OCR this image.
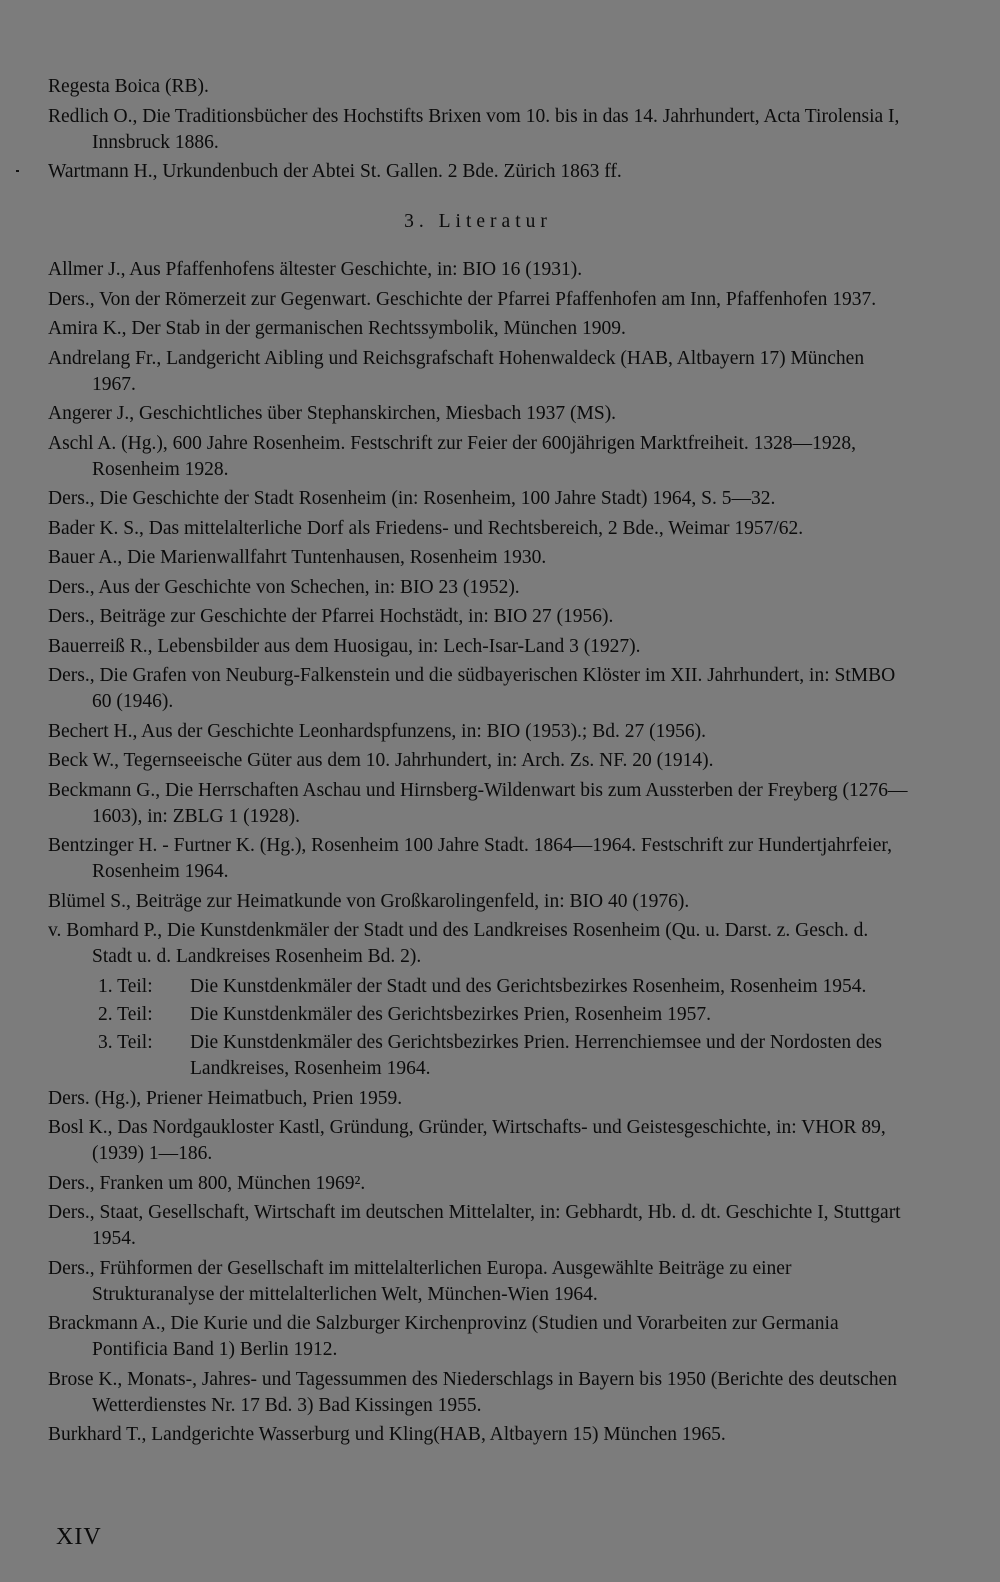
Regesta Boica (RB).

Redlich O., Die Traditionsbücher des Hochstifts Brixen vom 10. bis in das 14. Jahrhundert, Acta Tirolensia I, Innsbruck 1886.

Wartmann H., Urkundenbuch der Abtei St. Gallen. 2 Bde. Zürich 1863 ff.

3. Literatur

Allmer J., Aus Pfaffenhofens ältester Geschichte, in: BIO 16 (1931).

Ders., Von der Römerzeit zur Gegenwart. Geschichte der Pfarrei Pfaffenhofen am Inn, Pfaffenhofen 1937.

Amira K., Der Stab in der germanischen Rechtssymbolik, München 1909.

Andrelang Fr., Landgericht Aibling und Reichsgrafschaft Hohenwaldeck (HAB, Altbayern 17) München 1967.

Angerer J., Geschichtliches über Stephanskirchen, Miesbach 1937 (MS).

Aschl A. (Hg.), 600 Jahre Rosenheim. Festschrift zur Feier der 600jährigen Marktfreiheit. 1328—1928, Rosenheim 1928.

Ders., Die Geschichte der Stadt Rosenheim (in: Rosenheim, 100 Jahre Stadt) 1964, S. 5—32.

Bader K. S., Das mittelalterliche Dorf als Friedens- und Rechtsbereich, 2 Bde., Weimar 1957/62.

Bauer A., Die Marienwallfahrt Tuntenhausen, Rosenheim 1930.

Ders., Aus der Geschichte von Schechen, in: BIO 23 (1952).

Ders., Beiträge zur Geschichte der Pfarrei Hochstädt, in: BIO 27 (1956).

Bauerreiß R., Lebensbilder aus dem Huosigau, in: Lech-Isar-Land 3 (1927).

Ders., Die Grafen von Neuburg-Falkenstein und die südbayerischen Klöster im XII. Jahrhundert, in: StMBO 60 (1946).

Bechert H., Aus der Geschichte Leonhardspfunzens, in: BIO (1953).; Bd. 27 (1956).

Beck W., Tegernseeische Güter aus dem 10. Jahrhundert, in: Arch. Zs. NF. 20 (1914).

Beckmann G., Die Herrschaften Aschau und Hirnsberg-Wildenwart bis zum Aussterben der Freyberg (1276—1603), in: ZBLG 1 (1928).

Bentzinger H. - Furtner K. (Hg.), Rosenheim 100 Jahre Stadt. 1864—1964. Festschrift zur Hundertjahrfeier, Rosenheim 1964.

Blümel S., Beiträge zur Heimatkunde von Großkarolingenfeld, in: BIO 40 (1976).

v. Bomhard P., Die Kunstdenkmäler der Stadt und des Landkreises Rosenheim (Qu. u. Darst. z. Gesch. d. Stadt u. d. Landkreises Rosenheim Bd. 2).

1. Teil:	Die Kunstdenkmäler der Stadt und des Gerichtsbezirkes Rosenheim, Rosenheim 1954.
2. Teil:	Die Kunstdenkmäler des Gerichtsbezirkes Prien, Rosenheim 1957.
3. Teil:	Die Kunstdenkmäler des Gerichtsbezirkes Prien. Herrenchiemsee und der Nordosten des Landkreises, Rosenheim 1964.

Ders. (Hg.), Priener Heimatbuch, Prien 1959.

Bosl K., Das Nordgaukloster Kastl, Gründung, Gründer, Wirtschafts- und Geistesgeschichte, in: VHOR 89, (1939) 1—186.

Ders., Franken um 800, München 1969².

Ders., Staat, Gesellschaft, Wirtschaft im deutschen Mittelalter, in: Gebhardt, Hb. d. dt. Geschichte I, Stuttgart 1954.

Ders., Frühformen der Gesellschaft im mittelalterlichen Europa. Ausgewählte Beiträge zu einer Strukturanalyse der mittelalterlichen Welt, München-Wien 1964.

Brackmann A., Die Kurie und die Salzburger Kirchenprovinz (Studien und Vorarbeiten zur Germania Pontificia Band 1) Berlin 1912.

Brose K., Monats-, Jahres- und Tagessummen des Niederschlags in Bayern bis 1950 (Berichte des deutschen Wetterdienstes Nr. 17 Bd. 3) Bad Kissingen 1955.

Burkhard T., Landgerichte Wasserburg und Kling(HAB, Altbayern 15) München 1965.

XIV
